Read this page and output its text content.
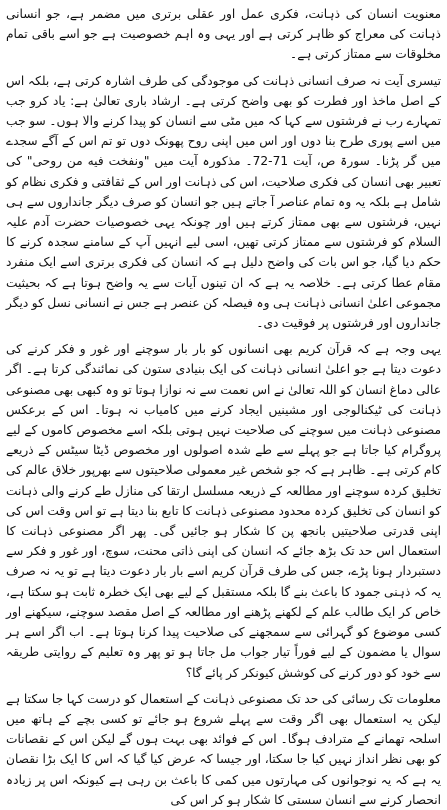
معنویت انسان کی ذہانت، فکری عمل اور عقلی برتری میں مضمر ہے، جو انسانی ذہانت کی معراج کو ظاہر کرتی ہے اور یہی وہ اہم خصوصیت ہے جو اسے باقی تمام مخلوقات سے ممتاز کرتی ہے۔

تیسری آیت نہ صرف انسانی ذہانت کی موجودگی کی طرف اشارہ کرتی ہے، بلکہ اس کے اصل ماخذ اور فطرت کو بھی واضح کرتی ہے۔ ارشاد باری تعالیٰ ہے: یاد کرو جب تمہارے رب نے فرشتوں سے کہا کہ میں مٹی سے انسان کو پیدا کرنے والا ہوں۔ سو جب میں اسے پوری طرح بنا دوں اور اس میں اپنی روح پھونک دوں تو تم اس کے آگے سجدے میں گر پڑنا۔ سورۃ ص، آیت 71-72۔ مذکورہ آیت میں "ونفخت فیه من روحی" کی تعبیر بھی انسان کی فکری صلاحیت، اس کی ذہانت اور اس کے ثقافتی و فکری نظام کو شامل ہے بلکہ یہ وہ تمام عناصر آ جاتے ہیں جو انسان کو صرف دیگر جانداروں سے ہی نہیں، فرشتوں سے بھی ممتاز کرتے ہیں اور چونکہ یہی خصوصیات حضرت آدم علیہ السلام کو فرشتوں سے ممتاز کرتی تھیں، اسی لیے انہیں آپ کے سامنے سجدہ کرنے کا حکم دیا گیا، جو اس بات کی واضح دلیل ہے کہ انسان کی فکری برتری اسے ایک منفرد مقام عطا کرتی ہے۔ خلاصہ یہ ہے کہ ان تینوں آیات سے یہ واضح ہوتا ہے کہ بحیثیت مجموعی اعلیٰ انسانی ذہانت ہی وہ فیصلہ کن عنصر ہے جس نے انسانی نسل کو دیگر جانداروں اور فرشتوں پر فوقیت دی۔

یہی وجہ ہے کہ قرآن کریم بھی انسانوں کو بار بار سوچنے اور غور و فکر کرنے کی دعوت دیتا ہے جو اعلیٰ انسانی ذہانت کی ایک بنیادی ستون کی نمائندگی کرتا ہے۔ اگر عالی دماغ انسان کو اللہ تعالیٰ نے اس نعمت سے نہ نوازا ہوتا تو وہ کبھی بھی مصنوعی ذہانت کی ٹیکنالوجی اور مشینیں ایجاد کرنے میں کامیاب نہ ہوتا۔ اس کے برعکس مصنوعی ذہانت میں سوچنے کی صلاحیت نہیں ہوتی بلکہ اسے مخصوص کاموں کے لیے پروگرام کیا جاتا ہے جو پہلے سے طے شدہ اصولوں اور مخصوص ڈیٹا سیٹس کے ذریعے کام کرتی ہے۔ ظاہر ہے کہ جو شخص غیر معمولی صلاحیتوں سے بھرپور خلاق عالم کی تخلیق کردہ سوچنے اور مطالعہ کے ذریعہ مسلسل ارتقا کی منازل طے کرنے والی ذہانت کو انسان کی تخلیق کردہ محدود مصنوعی ذہانت کا تابع بنا دیتا ہے تو اس وقت اس کی اپنی قدرتی صلاحیتیں بانجھ پن کا شکار ہو جائیں گی۔ پھر اگر مصنوعی ذہانت کا استعمال اس حد تک بڑھ جائے کہ انسان کی اپنی ذاتی محنت، سوچ، اور غور و فکر سے دستبردار ہونا پڑے، جس کی طرف قرآن کریم اسے بار بار دعوت دیتا ہے تو یہ نہ صرف یہ کہ ذہنی جمود کا باعث بنے گا بلکہ مستقبل کے لیے بھی ایک خطرہ ثابت ہو سکتا ہے، خاص کر ایک طالب علم کے لکھنے پڑھنے اور مطالعہ کے اصل مقصد سوچنے، سیکھنے اور کسی موضوع کو گہرائی سے سمجھنے کی صلاحیت پیدا کرنا ہوتا ہے۔ اب اگر اسے ہر سوال یا مضمون کے لیے فوراً تیار جواب مل جاتا ہو تو پھر وہ تعلیم کے روایتی طریقہ سے خود کو دور کرنے کی کوشش کیونکر کر پائے گا؟

معلومات تک رسائی کی حد تک مصنوعی ذہانت کے استعمال کو درست کہا جا سکتا ہے لیکن یہ استعمال بھی اگر وقت سے پہلے شروع ہو جائے تو کسی بچے کے ہاتھ میں اسلحہ تھمانے کے مترادف ہوگا۔ اس کے فوائد بھی بہت ہوں گے لیکن اس کے نقصانات کو بھی نظر انداز نہیں کیا جا سکتا، اور جیسا کہ عرض کیا گیا کہ اس کا ایک بڑا نقصان یہ ہے کہ یہ نوجوانوں کی مہارتوں میں کمی کا باعث بن رہی ہے کیونکہ اس پر زیادہ انحصار کرنے سے انسان سستی کا شکار ہو کر اس کی
